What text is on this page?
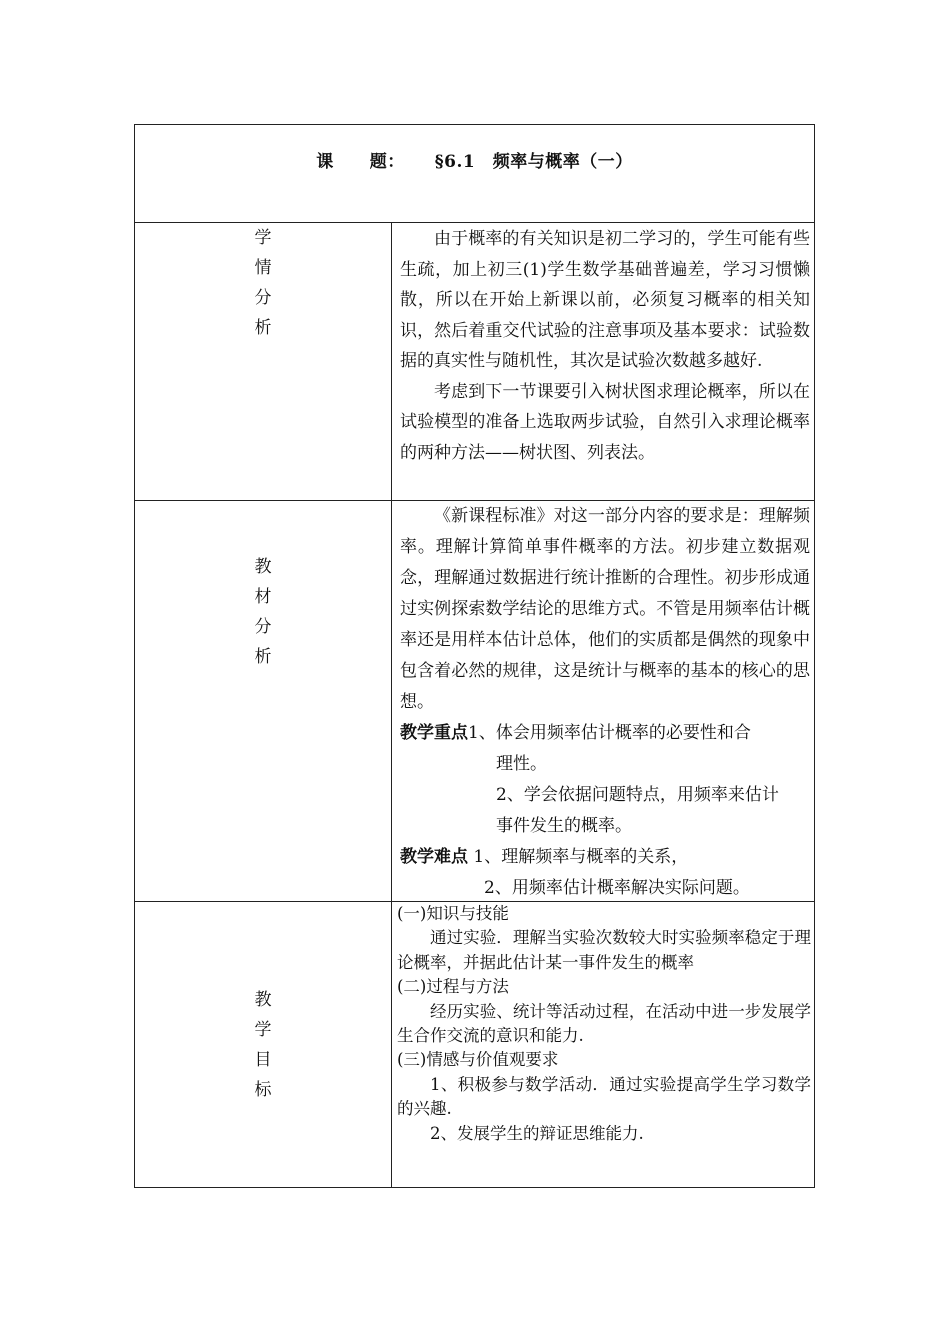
课 题： §6.1　频率与概率（一）
学
情
分
析

由于概率的有关知识是初二学习的，学生可能有些生疏，加上初三(1)学生数学基础普遍差，学习习惯懒散，所以在开始上新课以前，必须复习概率的相关知识，然后着重交代试验的注意事项及基本要求：试验数据的真实性与随机性，其次是试验次数越多越好.

考虑到下一节课要引入树状图求理论概率，所以在试验模型的准备上选取两步试验，自然引入求理论概率的两种方法——树状图、列表法。

教
材
分
析

《新课程标准》对这一部分内容的要求是：理解频率。理解计算简单事件概率的方法。初步建立数据观念，理解通过数据进行统计推断的合理性。初步形成通过实例探索数学结论的思维方式。不管是用频率估计概率还是用样本估计总体，他们的实质都是偶然的现象中包含着必然的规律，这是统计与概率的基本的核心的思想。

教学重点1、体会用频率估计概率的必要性和合
理性。
2、学会依据问题特点，用频率来估计
事件发生的概率。
教学难点 1、理解频率与概率的关系，
2、用频率估计概率解决实际问题。
教
学
目
标

(一)知识与技能

通过实验．理解当实验次数较大时实验频率稳定于理论概率，并据此估计某一事件发生的概率

(二)过程与方法

经历实验、统计等活动过程，在活动中进一步发展学生合作交流的意识和能力.

(三)情感与价值观要求

1、积极参与数学活动．通过实验提高学生学习数学的兴趣.

2、发展学生的辩证思维能力.
